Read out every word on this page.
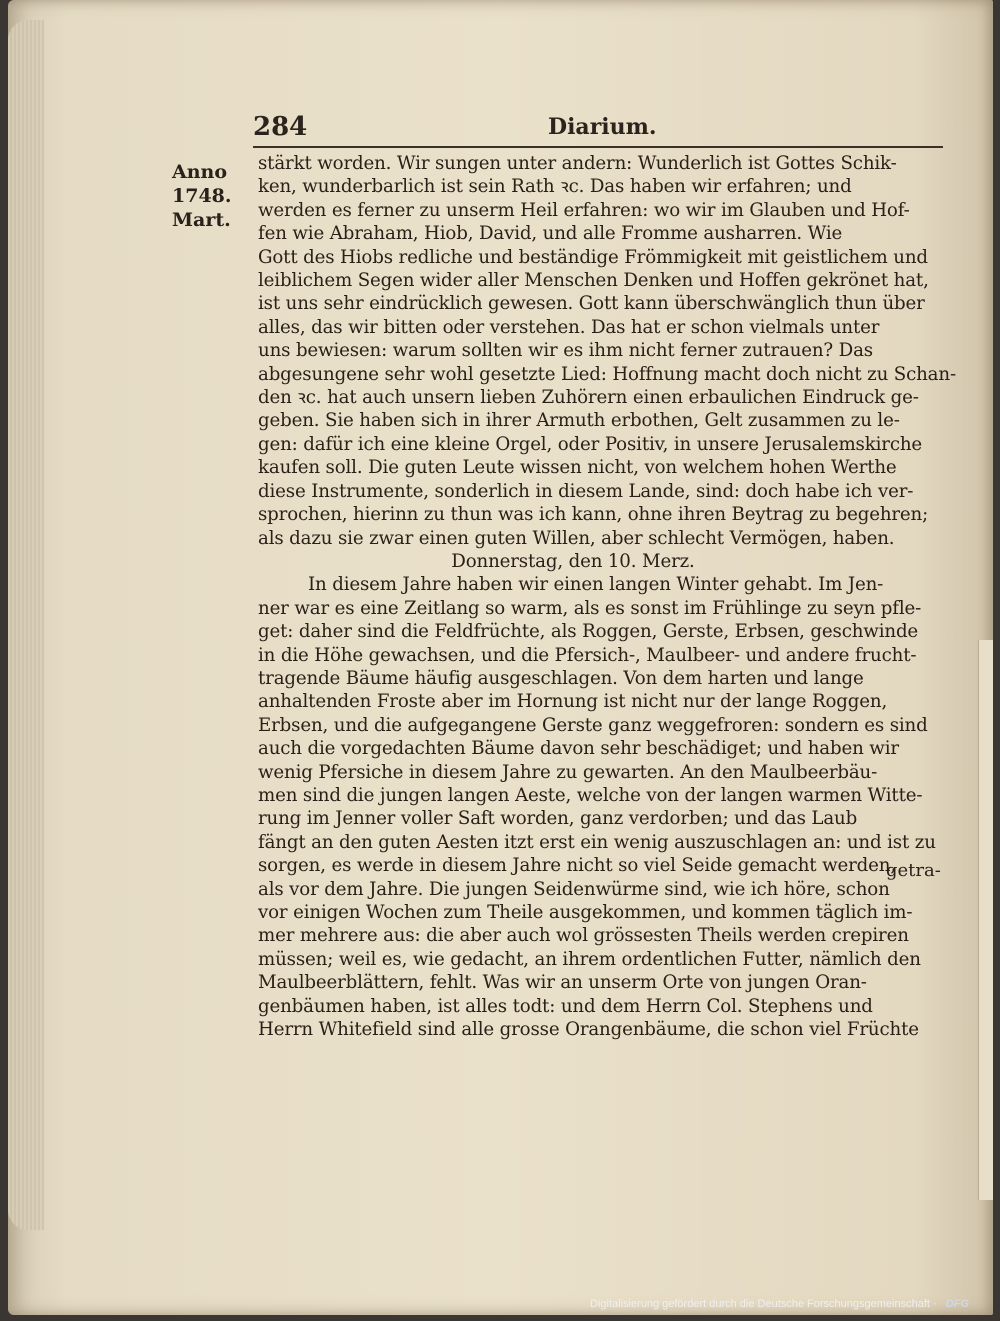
284	Diarium.
Anno
1748.
Mart.
stärkt worden. Wir sungen unter andern: Wunderlich ist Gottes Schik-
ken, wunderbarlich ist sein Rath ꝛc. Das haben wir erfahren; und
werden es ferner zu unserm Heil erfahren: wo wir im Glauben und Hof-
fen wie Abraham, Hiob, David, und alle Fromme ausharren. Wie
Gott des Hiobs redliche und beständige Frömmigkeit mit geistlichem und
leiblichem Segen wider aller Menschen Denken und Hoffen gekrönet hat,
ist uns sehr eindrücklich gewesen. Gott kann überschwänglich thun über
alles, das wir bitten oder verstehen. Das hat er schon vielmals unter
uns bewiesen: warum sollten wir es ihm nicht ferner zutrauen? Das
abgesungene sehr wohl gesetzte Lied: Hoffnung macht doch nicht zu Schan-
den ꝛc. hat auch unsern lieben Zuhörern einen erbaulichen Eindruck ge-
geben. Sie haben sich in ihrer Armuth erbothen, Gelt zusammen zu le-
gen: dafür ich eine kleine Orgel, oder Positiv, in unsere Jerusalemskirche
kaufen soll. Die guten Leute wissen nicht, von welchem hohen Werthe
diese Instrumente, sonderlich in diesem Lande, sind: doch habe ich ver-
sprochen, hierinn zu thun was ich kann, ohne ihren Beytrag zu begehren;
als dazu sie zwar einen guten Willen, aber schlecht Vermögen, haben.
Donnerstag, den 10. Merz.
In diesem Jahre haben wir einen langen Winter gehabt. Im Jen-
ner war es eine Zeitlang so warm, als es sonst im Frühlinge zu seyn pfle-
get: daher sind die Feldfrüchte, als Roggen, Gerste, Erbsen, geschwinde
in die Höhe gewachsen, und die Pfersich-, Maulbeer- und andere frucht-
tragende Bäume häufig ausgeschlagen. Von dem harten und lange
anhaltenden Froste aber im Hornung ist nicht nur der lange Roggen,
Erbsen, und die aufgegangene Gerste ganz weggefroren: sondern es sind
auch die vorgedachten Bäume davon sehr beschädiget; und haben wir
wenig Pfersiche in diesem Jahre zu gewarten. An den Maulbeerbäu-
men sind die jungen langen Aeste, welche von der langen warmen Witte-
rung im Jenner voller Saft worden, ganz verdorben; und das Laub
fängt an den guten Aesten itzt erst ein wenig auszuschlagen an: und ist zu
sorgen, es werde in diesem Jahre nicht so viel Seide gemacht werden,
als vor dem Jahre. Die jungen Seidenwürme sind, wie ich höre, schon
vor einigen Wochen zum Theile ausgekommen, und kommen täglich im-
mer mehrere aus: die aber auch wol grössesten Theils werden crepiren
müssen; weil es, wie gedacht, an ihrem ordentlichen Futter, nämlich den
Maulbeerblättern, fehlt. Was wir an unserm Orte von jungen Oran-
genbäumen haben, ist alles todt: und dem Herrn Col. Stephens und
Herrn Whitefield sind alle grosse Orangenbäume, die schon viel Früchte
getra-
Digitalisierung gefördert durch die Deutsche Forschungsgemeinschaft · DFG
